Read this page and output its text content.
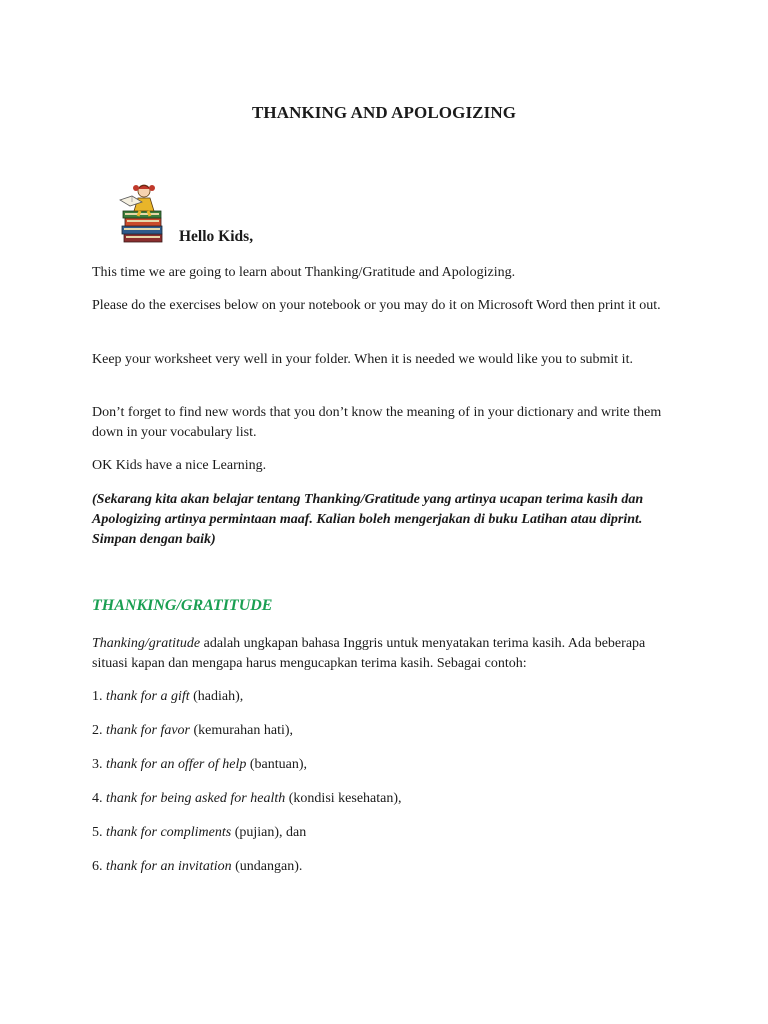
THANKING AND APOLOGIZING
Hello Kids,
This time we are going to learn about Thanking/Gratitude and Apologizing.
Please do the exercises below on your notebook or you may do it on Microsoft Word then print it out.
Keep your worksheet very well in your folder. When it is needed we would like you to submit it.
Don’t forget to find new words that you don’t know the meaning of in your dictionary and write them down in your vocabulary list.
OK Kids have a nice Learning.
(Sekarang kita akan belajar tentang Thanking/Gratitude yang artinya ucapan terima kasih dan Apologizing artinya permintaan maaf. Kalian boleh mengerjakan di buku Latihan atau diprint. Simpan dengan baik)
THANKING/GRATITUDE
Thanking/gratitude adalah ungkapan bahasa Inggris untuk menyatakan terima kasih. Ada beberapa situasi kapan dan mengapa harus mengucapkan terima kasih. Sebagai contoh:
1. thank for a gift (hadiah),
2. thank for favor (kemurahan hati),
3. thank for an offer of help (bantuan),
4. thank for being asked for health (kondisi kesehatan),
5. thank for compliments (pujian), dan
6. thank for an invitation (undangan).
